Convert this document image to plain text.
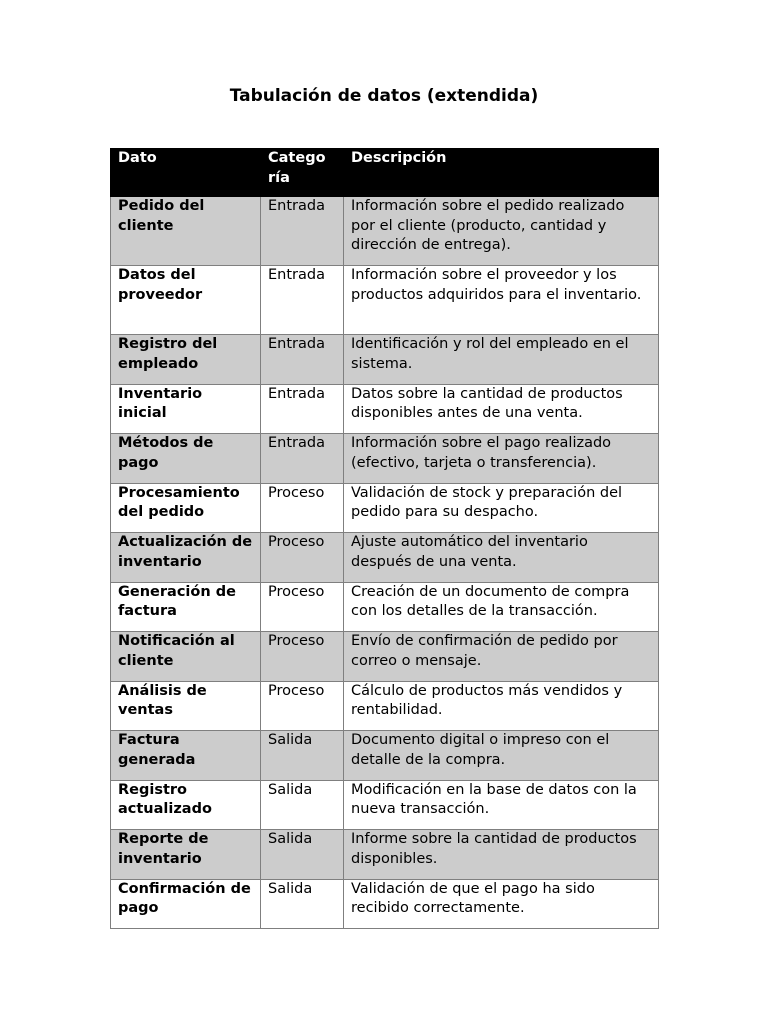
Tabulación de datos (extendida)
Dato	Catego ría	Descripción
Pedido del cliente	Entrada	Información sobre el pedido realizado por el cliente (producto, cantidad y dirección de entrega).
Datos del proveedor	Entrada	Información sobre el proveedor y los productos adquiridos para el inventario.
Registro del empleado	Entrada	Identificación y rol del empleado en el sistema.
Inventario inicial	Entrada	Datos sobre la cantidad de productos disponibles antes de una venta.
Métodos de pago	Entrada	Información sobre el pago realizado (efectivo, tarjeta o transferencia).
Procesamiento del pedido	Proceso	Validación de stock y preparación del pedido para su despacho.
Actualización de inventario	Proceso	Ajuste automático del inventario después de una venta.
Generación de factura	Proceso	Creación de un documento de compra con los detalles de la transacción.
Notificación al cliente	Proceso	Envío de confirmación de pedido por correo o mensaje.
Análisis de ventas	Proceso	Cálculo de productos más vendidos y rentabilidad.
Factura generada	Salida	Documento digital o impreso con el detalle de la compra.
Registro actualizado	Salida	Modificación en la base de datos con la nueva transacción.
Reporte de inventario	Salida	Informe sobre la cantidad de productos disponibles.
Confirmación de pago	Salida	Validación de que el pago ha sido recibido correctamente.
